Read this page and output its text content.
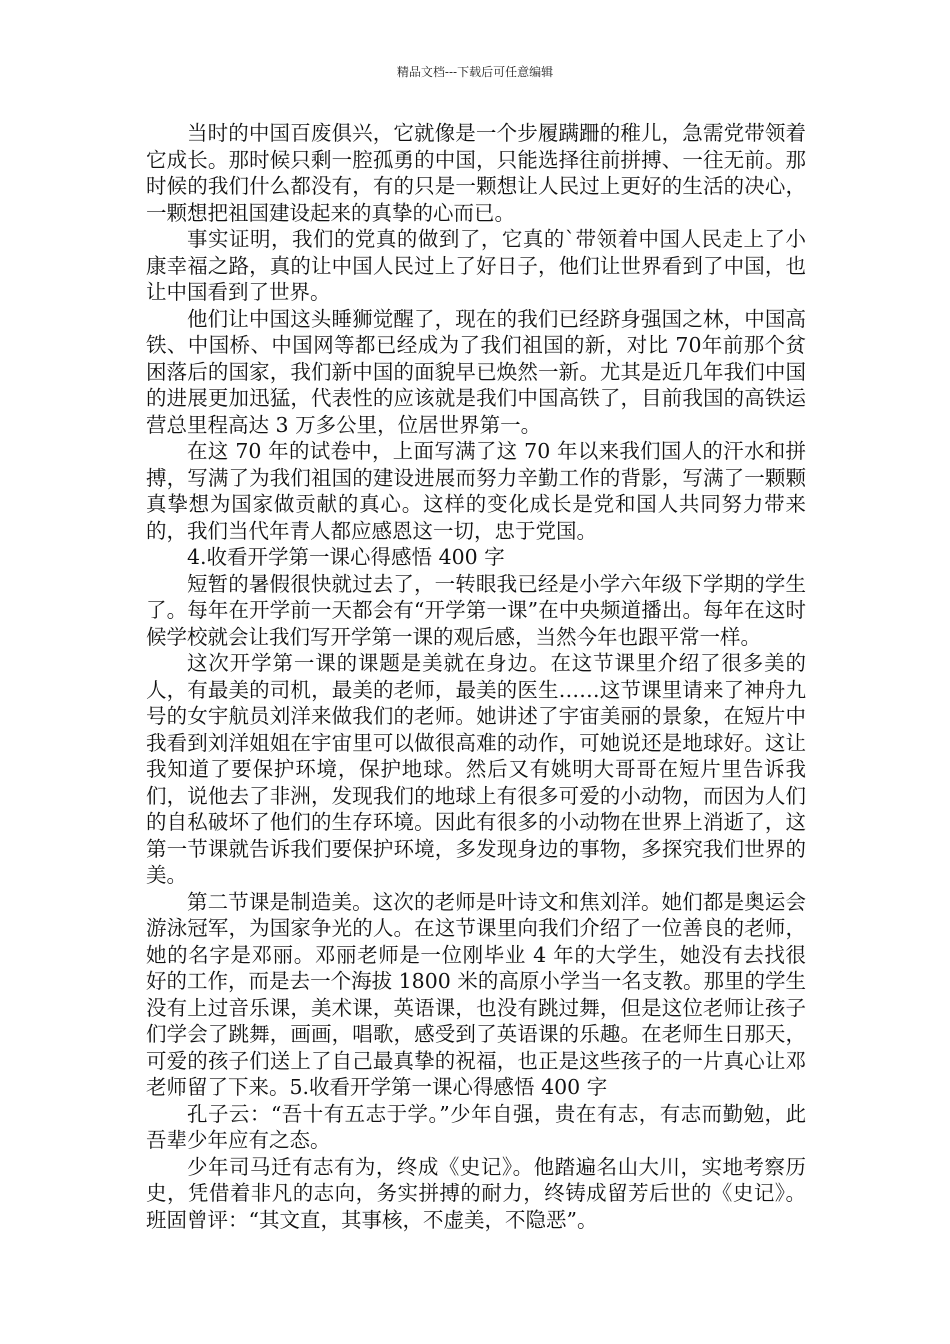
精品文档---下载后可任意编辑

当时的中国百废俱兴，它就像是一个步履蹒跚的稚儿，急需党带领着它成长。那时候只剩一腔孤勇的中国，只能选择往前拼搏、一往无前。那时候的我们什么都没有，有的只是一颗想让人民过上更好的生活的决心，一颗想把祖国建设起来的真挚的心而已。

事实证明，我们的党真的做到了，它真的`带领着中国人民走上了小康幸福之路，真的让中国人民过上了好日子，他们让世界看到了中国，也让中国看到了世界。

他们让中国这头睡狮觉醒了，现在的我们已经跻身强国之林，中国高铁、中国桥、中国网等都已经成为了我们祖国的新，对比 70年前那个贫困落后的国家，我们新中国的面貌早已焕然一新。尤其是近几年我们中国的进展更加迅猛，代表性的应该就是我们中国高铁了，目前我国的高铁运营总里程高达 3 万多公里，位居世界第一。

在这 70 年的试卷中，上面写满了这 70 年以来我们国人的汗水和拼搏，写满了为我们祖国的建设进展而努力辛勤工作的背影，写满了一颗颗真挚想为国家做贡献的真心。这样的变化成长是党和国人共同努力带来的，我们当代年青人都应感恩这一切，忠于党国。

4.收看开学第一课心得感悟 400 字

短暂的暑假很快就过去了，一转眼我已经是小学六年级下学期的学生了。每年在开学前一天都会有“开学第一课”在中央频道播出。每年在这时候学校就会让我们写开学第一课的观后感，当然今年也跟平常一样。

这次开学第一课的课题是美就在身边。在这节课里介绍了很多美的人，有最美的司机，最美的老师，最美的医生……这节课里请来了神舟九号的女宇航员刘洋来做我们的老师。她讲述了宇宙美丽的景象，在短片中我看到刘洋姐姐在宇宙里可以做很高难的动作，可她说还是地球好。这让我知道了要保护环境，保护地球。然后又有姚明大哥哥在短片里告诉我们，说他去了非洲，发现我们的地球上有很多可爱的小动物，而因为人们的自私破坏了他们的生存环境。因此有很多的小动物在世界上消逝了，这第一节课就告诉我们要保护环境，多发现身边的事物，多探究我们世界的美。

第二节课是制造美。这次的老师是叶诗文和焦刘洋。她们都是奥运会游泳冠军，为国家争光的人。在这节课里向我们介绍了一位善良的老师，她的名字是邓丽。邓丽老师是一位刚毕业 4 年的大学生，她没有去找很好的工作，而是去一个海拔 1800 米的高原小学当一名支教。那里的学生没有上过音乐课，美术课，英语课，也没有跳过舞，但是这位老师让孩子们学会了跳舞，画画，唱歌，感受到了英语课的乐趣。在老师生日那天，可爱的孩子们送上了自己最真挚的祝福，也正是这些孩子的一片真心让邓老师留了下来。5.收看开学第一课心得感悟 400 字

孔子云：“吾十有五志于学。”少年自强，贵在有志，有志而勤勉，此吾辈少年应有之态。

少年司马迁有志有为，终成《史记》。他踏遍名山大川，实地考察历史，凭借着非凡的志向，务实拼搏的耐力，终铸成留芳后世的《史记》。班固曾评：“其文直，其事核，不虚美，不隐恶”。
